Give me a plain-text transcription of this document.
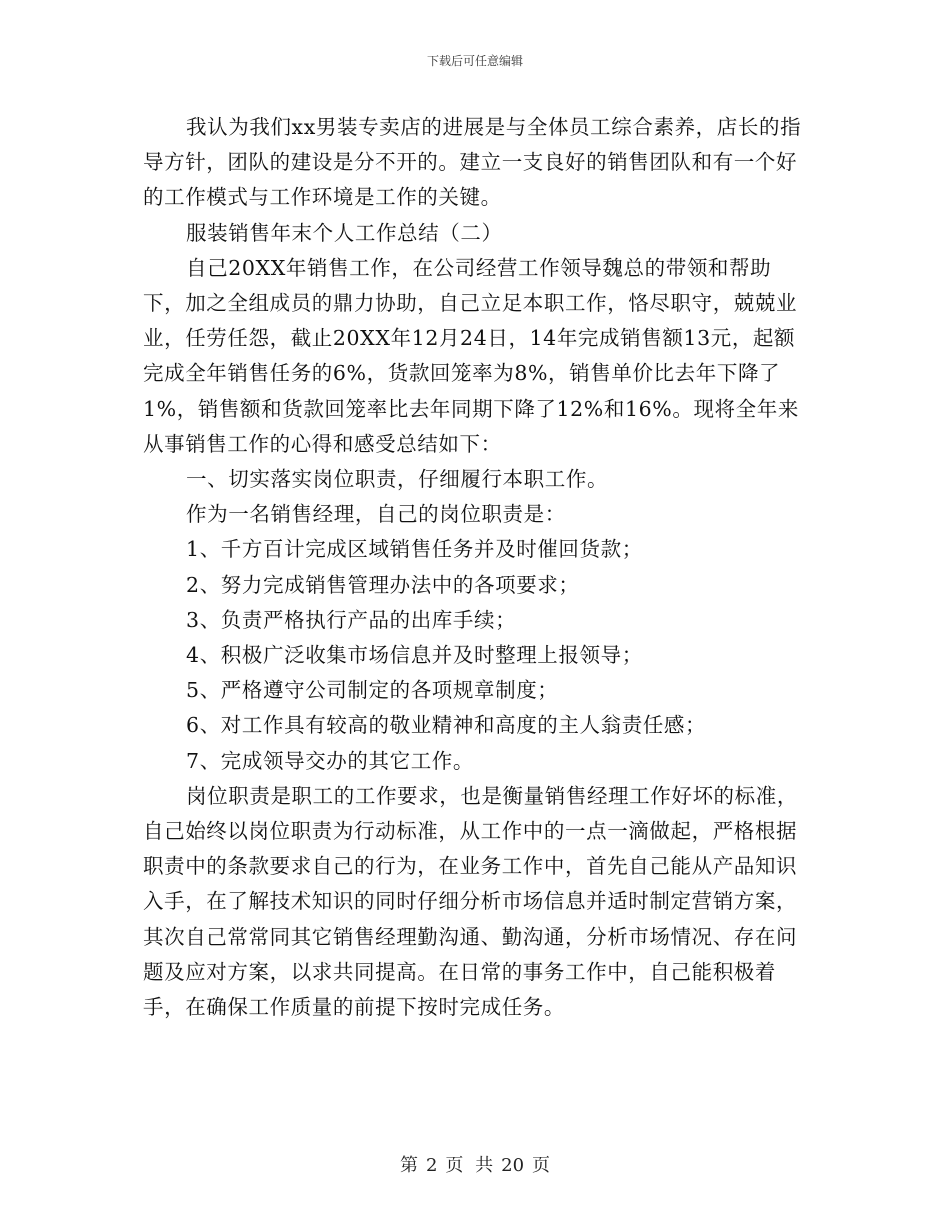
下载后可任意编辑

我认为我们xx男装专卖店的进展是与全体员工综合素养，店长的指导方针，团队的建设是分不开的。建立一支良好的销售团队和有一个好的工作模式与工作环境是工作的关键。

服装销售年末个人工作总结（二）

自己20XX年销售工作，在公司经营工作领导魏总的带领和帮助下，加之全组成员的鼎力协助，自己立足本职工作，恪尽职守，兢兢业业，任劳任怨，截止20XX年12月24日，14年完成销售额13元，起额完成全年销售任务的6%，货款回笼率为8%，销售单价比去年下降了1%，销售额和货款回笼率比去年同期下降了12%和16%。现将全年来从事销售工作的心得和感受总结如下：

一、切实落实岗位职责，仔细履行本职工作。

作为一名销售经理，自己的岗位职责是：

1、千方百计完成区域销售任务并及时催回货款；

2、努力完成销售管理办法中的各项要求；

3、负责严格执行产品的出库手续；

4、积极广泛收集市场信息并及时整理上报领导；

5、严格遵守公司制定的各项规章制度；

6、对工作具有较高的敬业精神和高度的主人翁责任感；

7、完成领导交办的其它工作。

岗位职责是职工的工作要求，也是衡量销售经理工作好坏的标准，自己始终以岗位职责为行动标准，从工作中的一点一滴做起，严格根据职责中的条款要求自己的行为，在业务工作中，首先自己能从产品知识入手，在了解技术知识的同时仔细分析市场信息并适时制定营销方案，其次自己常常同其它销售经理勤沟通、勤沟通，分析市场情况、存在问题及应对方案，以求共同提高。在日常的事务工作中，自己能积极着手，在确保工作质量的前提下按时完成任务。

第 2 页 共 20 页
